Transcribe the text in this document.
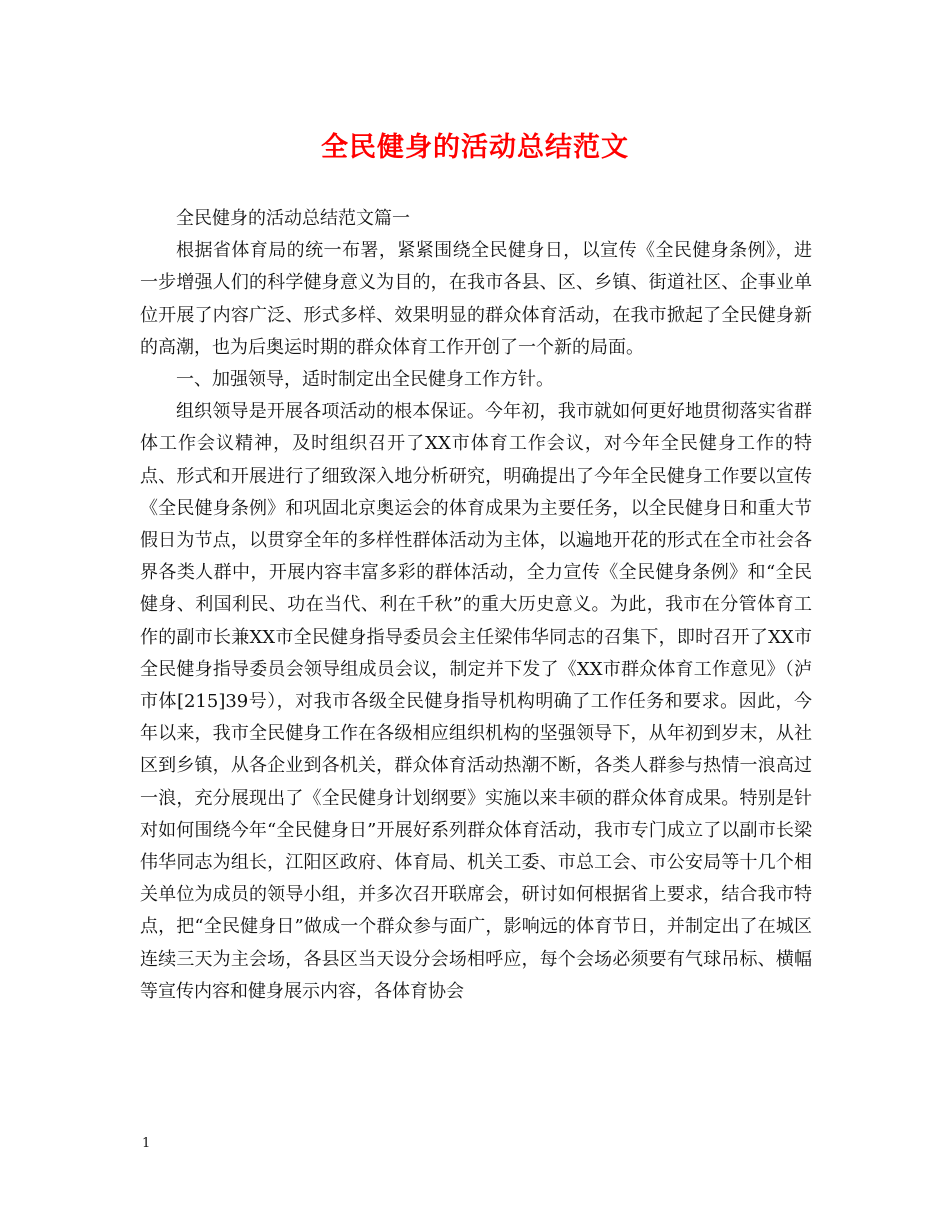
全民健身的活动总结范文

全民健身的活动总结范文篇一

根据省体育局的统一布署，紧紧围绕全民健身日，以宣传《全民健身条例》，进一步增强人们的科学健身意义为目的，在我市各县、区、乡镇、街道社区、企事业单位开展了内容广泛、形式多样、效果明显的群众体育活动，在我市掀起了全民健身新的高潮，也为后奥运时期的群众体育工作开创了一个新的局面。

一、加强领导，适时制定出全民健身工作方针。

组织领导是开展各项活动的根本保证。今年初，我市就如何更好地贯彻落实省群体工作会议精神，及时组织召开了XX市体育工作会议，对今年全民健身工作的特点、形式和开展进行了细致深入地分析研究，明确提出了今年全民健身工作要以宣传《全民健身条例》和巩固北京奥运会的体育成果为主要任务，以全民健身日和重大节假日为节点，以贯穿全年的多样性群体活动为主体，以遍地开花的形式在全市社会各界各类人群中，开展内容丰富多彩的群体活动，全力宣传《全民健身条例》和“全民健身、利国利民、功在当代、利在千秋”的重大历史意义。为此，我市在分管体育工作的副市长兼XX市全民健身指导委员会主任梁伟华同志的召集下，即时召开了XX市全民健身指导委员会领导组成员会议，制定并下发了《XX市群众体育工作意见》（泸市体[215]39号），对我市各级全民健身指导机构明确了工作任务和要求。因此，今年以来，我市全民健身工作在各级相应组织机构的坚强领导下，从年初到岁末，从社区到乡镇，从各企业到各机关，群众体育活动热潮不断，各类人群参与热情一浪高过一浪，充分展现出了《全民健身计划纲要》实施以来丰硕的群众体育成果。特别是针对如何围绕今年“全民健身日”开展好系列群众体育活动，我市专门成立了以副市长梁伟华同志为组长，江阳区政府、体育局、机关工委、市总工会、市公安局等十几个相关单位为成员的领导小组，并多次召开联席会，研讨如何根据省上要求，结合我市特点，把“全民健身日”做成一个群众参与面广，影响远的体育节日，并制定出了在城区连续三天为主会场，各县区当天设分会场相呼应，每个会场必须要有气球吊标、横幅等宣传内容和健身展示内容，各体育协会

1
